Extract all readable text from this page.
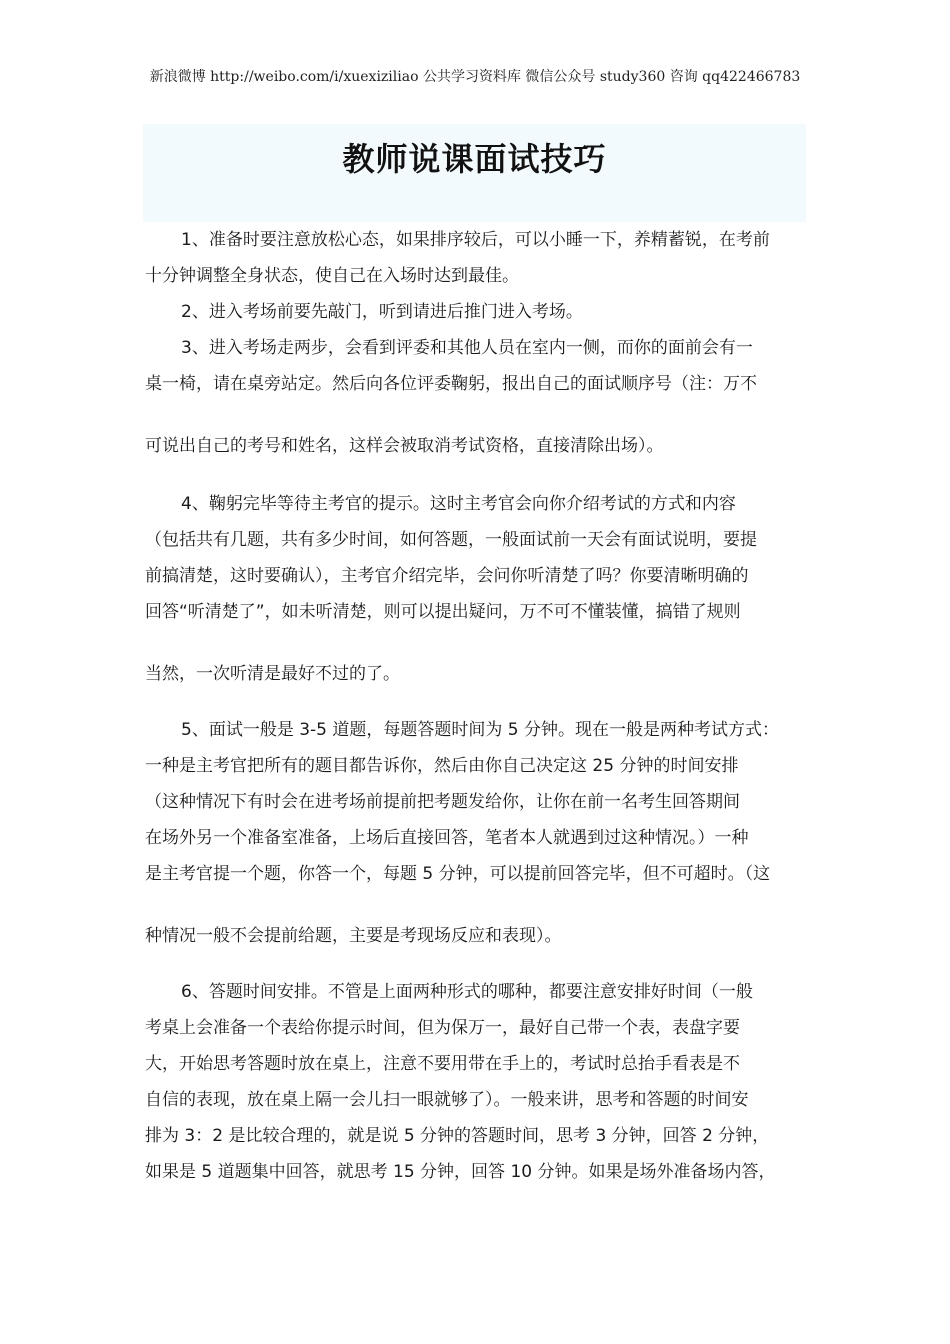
新浪微博 http://weibo.com/i/xuexiziliao 公共学习资料库 微信公众号 study360 咨询 qq422466783
教师说课面试技巧
1、准备时要注意放松心态，如果排序较后，可以小睡一下，养精蓄锐，在考前
十分钟调整全身状态，使自己在入场时达到最佳。
2、进入考场前要先敲门，听到请进后推门进入考场。
3、进入考场走两步，会看到评委和其他人员在室内一侧，而你的面前会有一
桌一椅，请在桌旁站定。然后向各位评委鞠躬，报出自己的面试顺序号（注：万不
可说出自己的考号和姓名，这样会被取消考试资格，直接清除出场）。
4、鞠躬完毕等待主考官的提示。这时主考官会向你介绍考试的方式和内容
（包括共有几题，共有多少时间，如何答题，一般面试前一天会有面试说明，要提
前搞清楚，这时要确认），主考官介绍完毕，会问你听清楚了吗？你要清晰明确的
回答“听清楚了”，如未听清楚，则可以提出疑问，万不可不懂装懂，搞错了规则
当然，一次听清是最好不过的了。
5、面试一般是 3-5 道题，每题答题时间为 5 分钟。现在一般是两种考试方式：
一种是主考官把所有的题目都告诉你，然后由你自己决定这 25 分钟的时间安排
（这种情况下有时会在进考场前提前把考题发给你，让你在前一名考生回答期间
在场外另一个准备室准备，上场后直接回答，笔者本人就遇到过这种情况。）一种
是主考官提一个题，你答一个，每题 5 分钟，可以提前回答完毕，但不可超时。（这
种情况一般不会提前给题，主要是考现场反应和表现）。
6、答题时间安排。不管是上面两种形式的哪种，都要注意安排好时间（一般
考桌上会准备一个表给你提示时间，但为保万一，最好自己带一个表，表盘字要
大，开始思考答题时放在桌上，注意不要用带在手上的，考试时总抬手看表是不
自信的表现，放在桌上隔一会儿扫一眼就够了）。一般来讲，思考和答题的时间安
排为 3：2 是比较合理的，就是说 5 分钟的答题时间，思考 3 分钟，回答 2 分钟，
如果是 5 道题集中回答，就思考 15 分钟，回答 10 分钟。如果是场外准备场内答，
